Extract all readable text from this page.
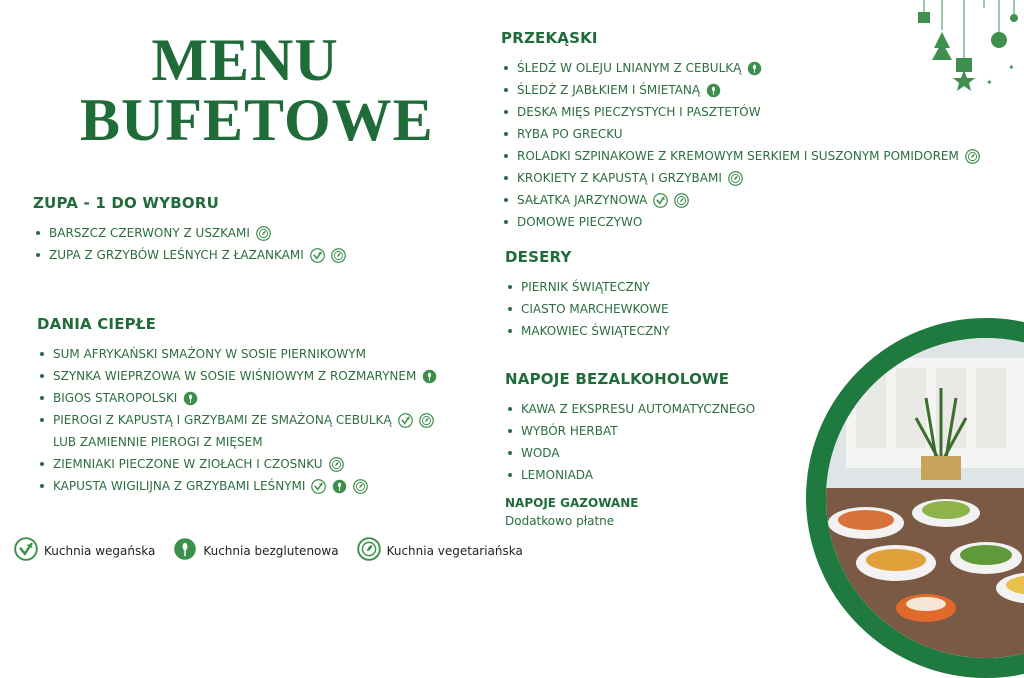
✦
✦
MENU
BUFETOWE
ZUPA - 1 DO WYBORU
BARSZCZ CZERWONY Z USZKAMI
ZUPA Z GRZYBÓW LEŚNYCH Z ŁAZANKAMI
DANIA CIEPŁE
SUM AFRYKAŃSKI SMAŻONY W SOSIE PIERNIKOWYM
SZYNKA WIEPRZOWA W SOSIE WIŚNIOWYM Z ROZMARYNEM
BIGOS STAROPOLSKI
PIEROGI Z KAPUSTĄ I GRZYBAMI ZE SMAŻONĄ CEBULKĄ
LUB ZAMIENNIE PIEROGI Z MIĘSEM
ZIEMNIAKI PIECZONE W ZIOŁACH I CZOSNKU
KAPUSTA WIGILIJNA Z GRZYBAMI LEŚNYMI
PRZEKĄSKI
ŚLEDŹ W OLEJU LNIANYM Z CEBULKĄ
ŚLEDŹ Z JABŁKIEM I ŚMIETANĄ
DESKA MIĘS PIECZYSTYCH I PASZTETÓW
RYBA PO GRECKU
ROLADKI SZPINAKOWE Z KREMOWYM SERKIEM I SUSZONYM POMIDOREM
KROKIETY Z KAPUSTĄ I GRZYBAMI
SAŁATKA JARZYNOWA
DOMOWE PIECZYWO
DESERY
PIERNIK ŚWIĄTECZNY
CIASTO MARCHEWKOWE
MAKOWIEC ŚWIĄTECZNY
NAPOJE BEZALKOHOLOWE
KAWA Z EKSPRESU AUTOMATYCZNEGO
WYBÓR HERBAT
WODA
LEMONIADA
NAPOJE GAZOWANE
Dodatkowo płatne
Kuchnia wegańska	Kuchnia bezglutenowa	Kuchnia vegetariańska
